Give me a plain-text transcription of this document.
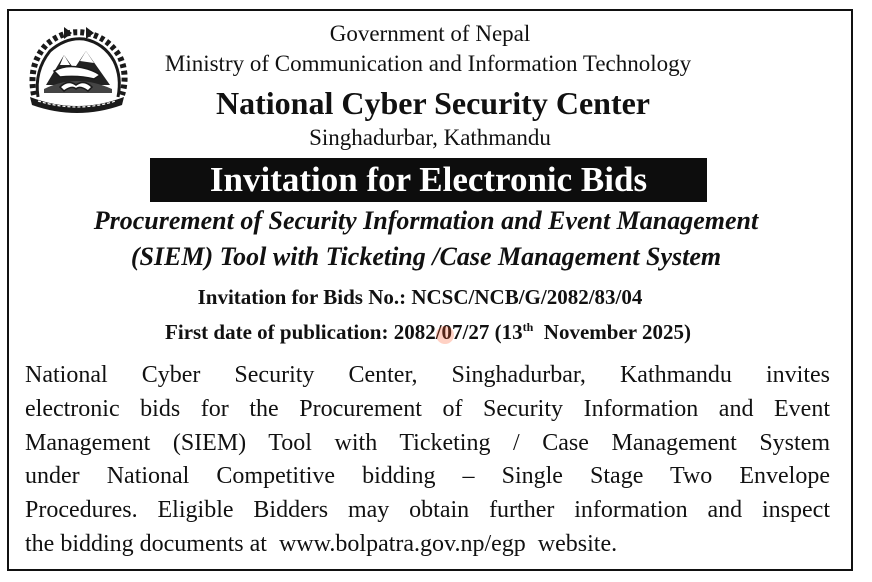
Government of Nepal
Ministry of Communication and Information Technology
National Cyber Security Center
Singhadurbar, Kathmandu
Invitation for Electronic Bids
Procurement of Security Information and Event Management
(SIEM) Tool with Ticketing /Case Management System
Invitation for Bids No.: NCSC/NCB/G/2082/83/04
First date of publication: 2082/07/27 (13th  November 2025)
National Cyber Security Center, Singhadurbar, Kathmandu invites
electronic bids for the Procurement of Security Information and Event
Management (SIEM) Tool with Ticketing / Case Management System
under National Competitive bidding – Single Stage Two Envelope
Procedures. Eligible Bidders may obtain further information and inspect
the bidding documents at  www.bolpatra.gov.np/egp  website.
